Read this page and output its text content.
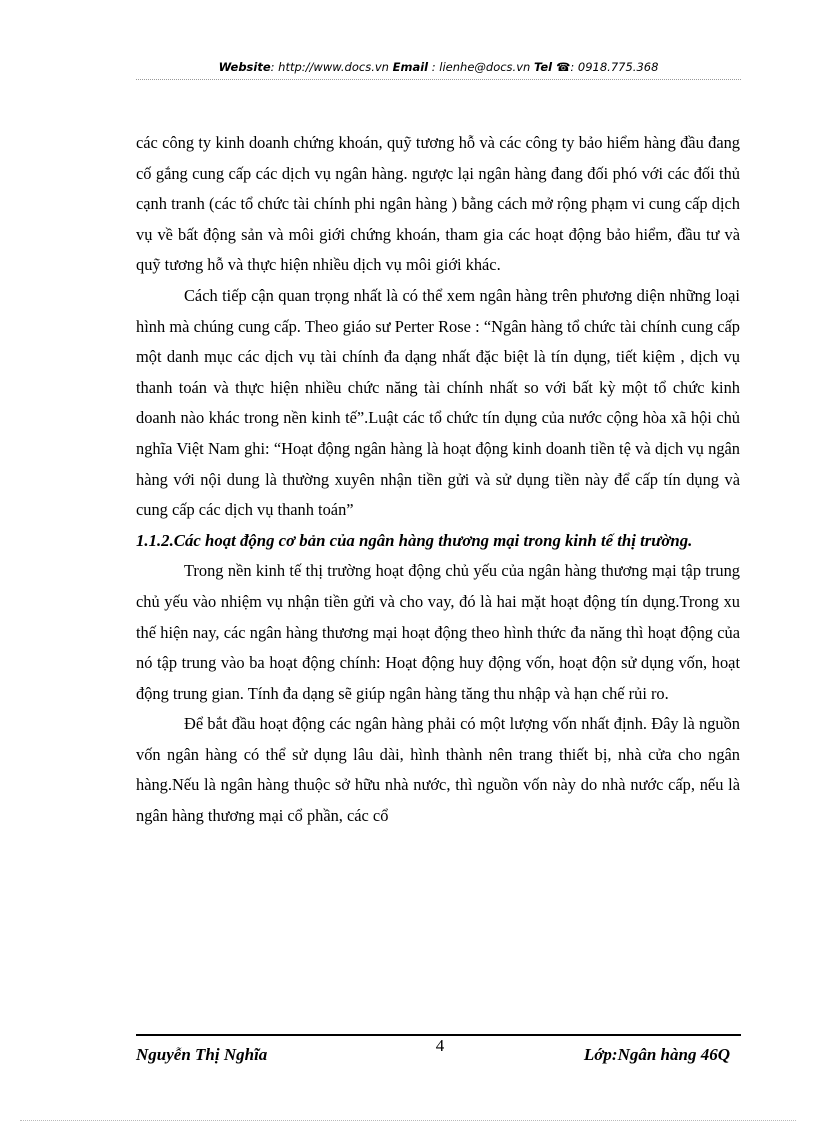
Website: http://www.docs.vn Email : lienhe@docs.vn Tel ☎: 0918.775.368

các công ty kinh doanh chứng khoán, quỹ tương hỗ và các công ty bảo hiểm hàng đầu đang cố gắng cung cấp các dịch vụ ngân hàng. ngược lại ngân hàng đang đối phó với các đối thủ cạnh tranh (các tổ chức tài chính phi ngân hàng ) bằng cách mở rộng phạm vi cung cấp dịch vụ về bất động sản và môi giới chứng khoán, tham gia các hoạt động bảo hiểm, đầu tư và quỹ tương hỗ và thực hiện nhiều dịch vụ môi giới khác.

Cách tiếp cận quan trọng nhất là có thể xem ngân hàng trên phương diện những loại hình mà chúng cung cấp. Theo giáo sư Perter Rose : “Ngân hàng tổ chức tài chính cung cấp một danh mục các dịch vụ tài chính đa dạng nhất đặc biệt là tín dụng, tiết kiệm , dịch vụ thanh toán và thực hiện nhiều chức năng tài chính nhất so với bất kỳ một tổ chức kinh doanh nào khác trong nền kinh tế”.Luật các tổ chức tín dụng của nước cộng hòa xã hội chủ nghĩa Việt Nam ghi: “Hoạt động ngân hàng là hoạt động kinh doanh tiền tệ và dịch vụ ngân hàng với nội dung là thường xuyên nhận tiền gửi và sử dụng tiền này để cấp tín dụng và cung cấp các dịch vụ thanh toán”

1.1.2.Các hoạt động cơ bản của ngân hàng thương mại trong kinh tế thị trường.

Trong nền kinh tế thị trường hoạt động chủ yếu của ngân hàng thương mại tập trung chủ yếu vào nhiệm vụ nhận tiền gửi và cho vay, đó là hai mặt hoạt động tín dụng.Trong xu thế hiện nay, các ngân hàng thương mại hoạt động theo hình thức đa năng thì hoạt động của nó tập trung vào ba hoạt động chính: Hoạt động huy động vốn, hoạt độn sử dụng vốn, hoạt động trung gian. Tính đa dạng sẽ giúp ngân hàng tăng thu nhập và hạn chế rủi ro.

Để bắt đầu hoạt động các ngân hàng phải có một lượng vốn nhất định. Đây là nguồn vốn ngân hàng có thể sử dụng lâu dài, hình thành nên trang thiết bị, nhà cửa cho ngân hàng.Nếu là ngân hàng thuộc sở hữu nhà nước, thì nguồn vốn này do nhà nước cấp, nếu là ngân hàng thương mại cổ phần, các cổ

4
Nguyễn Thị Nghĩa	Lớp:Ngân hàng 46Q
